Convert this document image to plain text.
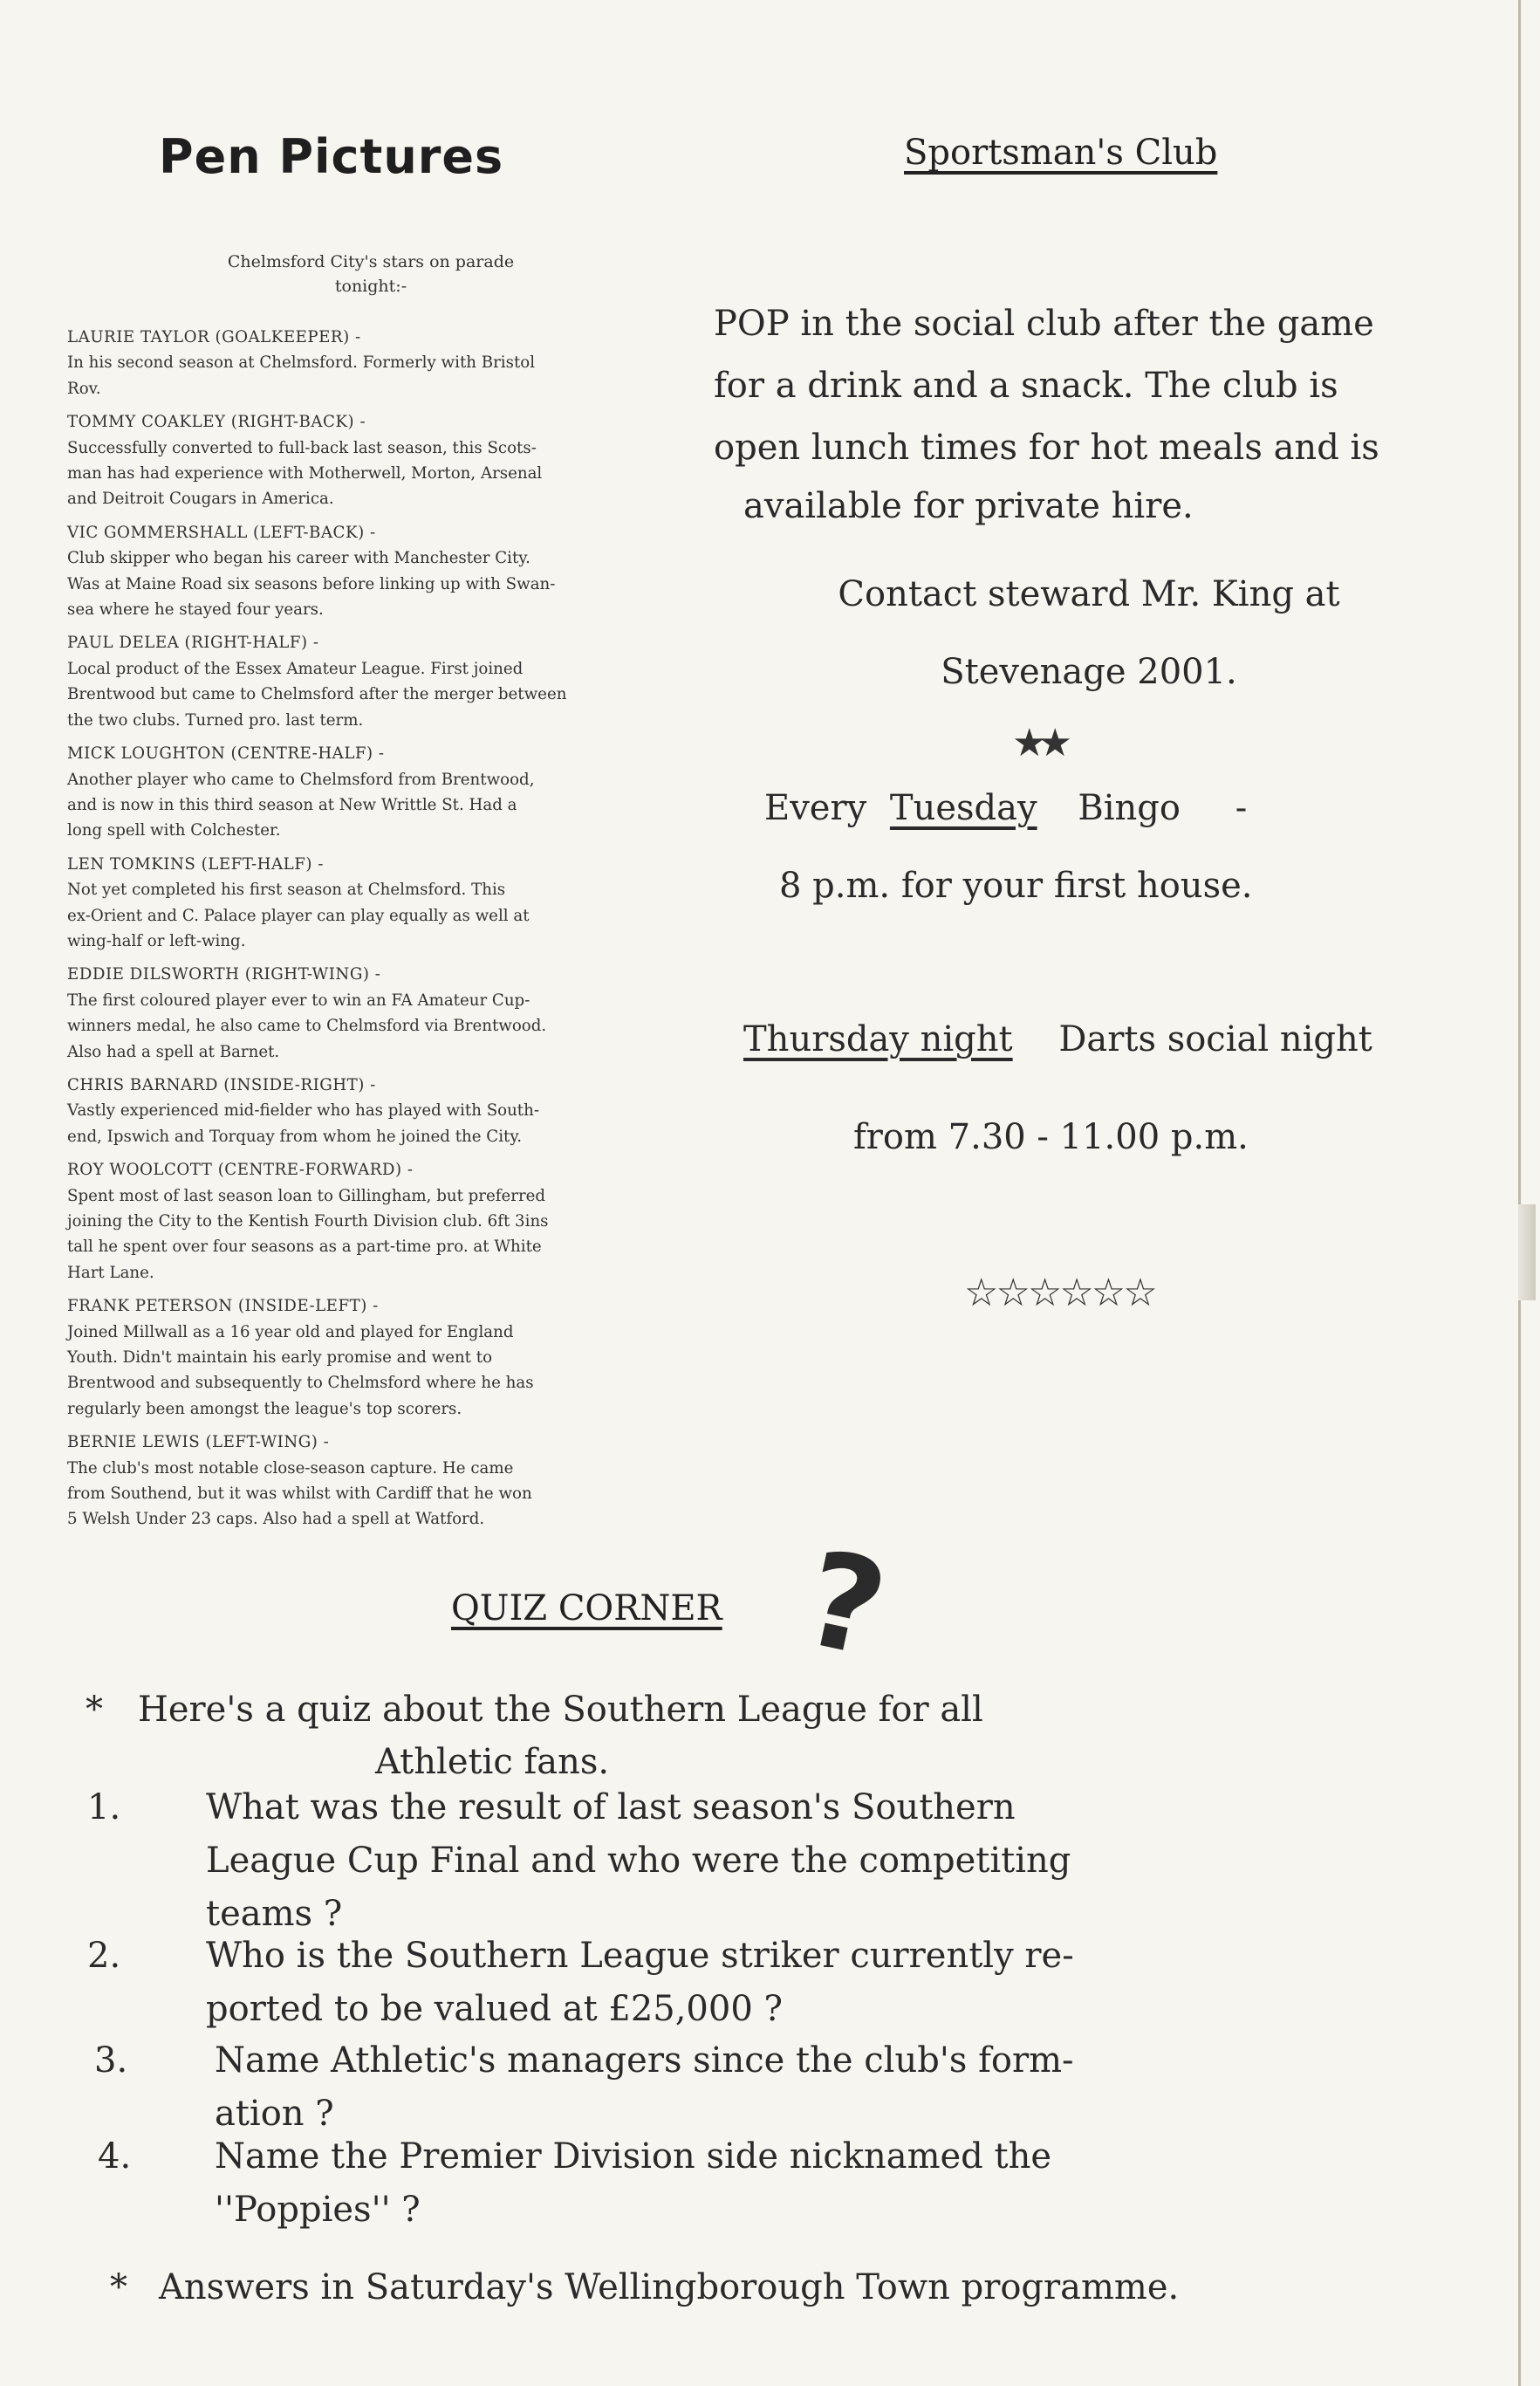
Pen Pictures
Chelmsford City's stars on parade
tonight:-
LAURIE TAYLOR (GOALKEEPER) -
In his second season at Chelmsford. Formerly with Bristol
Rov.
TOMMY COAKLEY (RIGHT-BACK) -
Successfully converted to full-back last season, this Scots-
man has had experience with Motherwell, Morton, Arsenal
and Deitroit Cougars in America.
VIC GOMMERSHALL (LEFT-BACK) -
Club skipper who began his career with Manchester City.
Was at Maine Road six seasons before linking up with Swan-
sea where he stayed four years.
PAUL DELEA (RIGHT-HALF) -
Local product of the Essex Amateur League. First joined
Brentwood but came to Chelmsford after the merger between
the two clubs. Turned pro. last term.
MICK LOUGHTON (CENTRE-HALF) -
Another player who came to Chelmsford from Brentwood,
and is now in this third season at New Writtle St. Had a
long spell with Colchester.
LEN TOMKINS (LEFT-HALF) -
Not yet completed his first season at Chelmsford. This
ex-Orient and C. Palace player can play equally as well at
wing-half or left-wing.
EDDIE DILSWORTH (RIGHT-WING) -
The first coloured player ever to win an FA Amateur Cup-
winners medal, he also came to Chelmsford via Brentwood.
Also had a spell at Barnet.
CHRIS BARNARD (INSIDE-RIGHT) -
Vastly experienced mid-fielder who has played with South-
end, Ipswich and Torquay from whom he joined the City.
ROY WOOLCOTT (CENTRE-FORWARD) -
Spent most of last season loan to Gillingham, but preferred
joining the City to the Kentish Fourth Division club. 6ft 3ins
tall he spent over four seasons as a part-time pro. at White
Hart Lane.
FRANK PETERSON (INSIDE-LEFT) -
Joined Millwall as a 16 year old and played for England
Youth. Didn't maintain his early promise and went to
Brentwood and subsequently to Chelmsford where he has
regularly been amongst the league's top scorers.
BERNIE LEWIS (LEFT-WING) -
The club's most notable close-season capture. He came
from Southend, but it was whilst with Cardiff that he won
5 Welsh Under 23 caps. Also had a spell at Watford.
Sportsman's Club
POP in the social club after the game
for a drink and a snack. The club is
open lunch times for hot meals and is
available for private hire.
Contact steward Mr. King at
Stevenage 2001.
★★
Every Tuesday Bingo -
8 p.m. for your first house.
Thursday night Darts social night
from 7.30 - 11.00 p.m.
☆☆☆☆☆☆
QUIZ CORNER ?
* Here's a quiz about the Southern League for all
Athletic fans.
1. What was the result of last season's Southern
League Cup Final and who were the competiting
teams ?
2. Who is the Southern League striker currently re-
ported to be valued at £25,000 ?
3. Name Athletic's managers since the club's form-
ation ?
4. Name the Premier Division side nicknamed the
''Poppies'' ?
* Answers in Saturday's Wellingborough Town programme.
